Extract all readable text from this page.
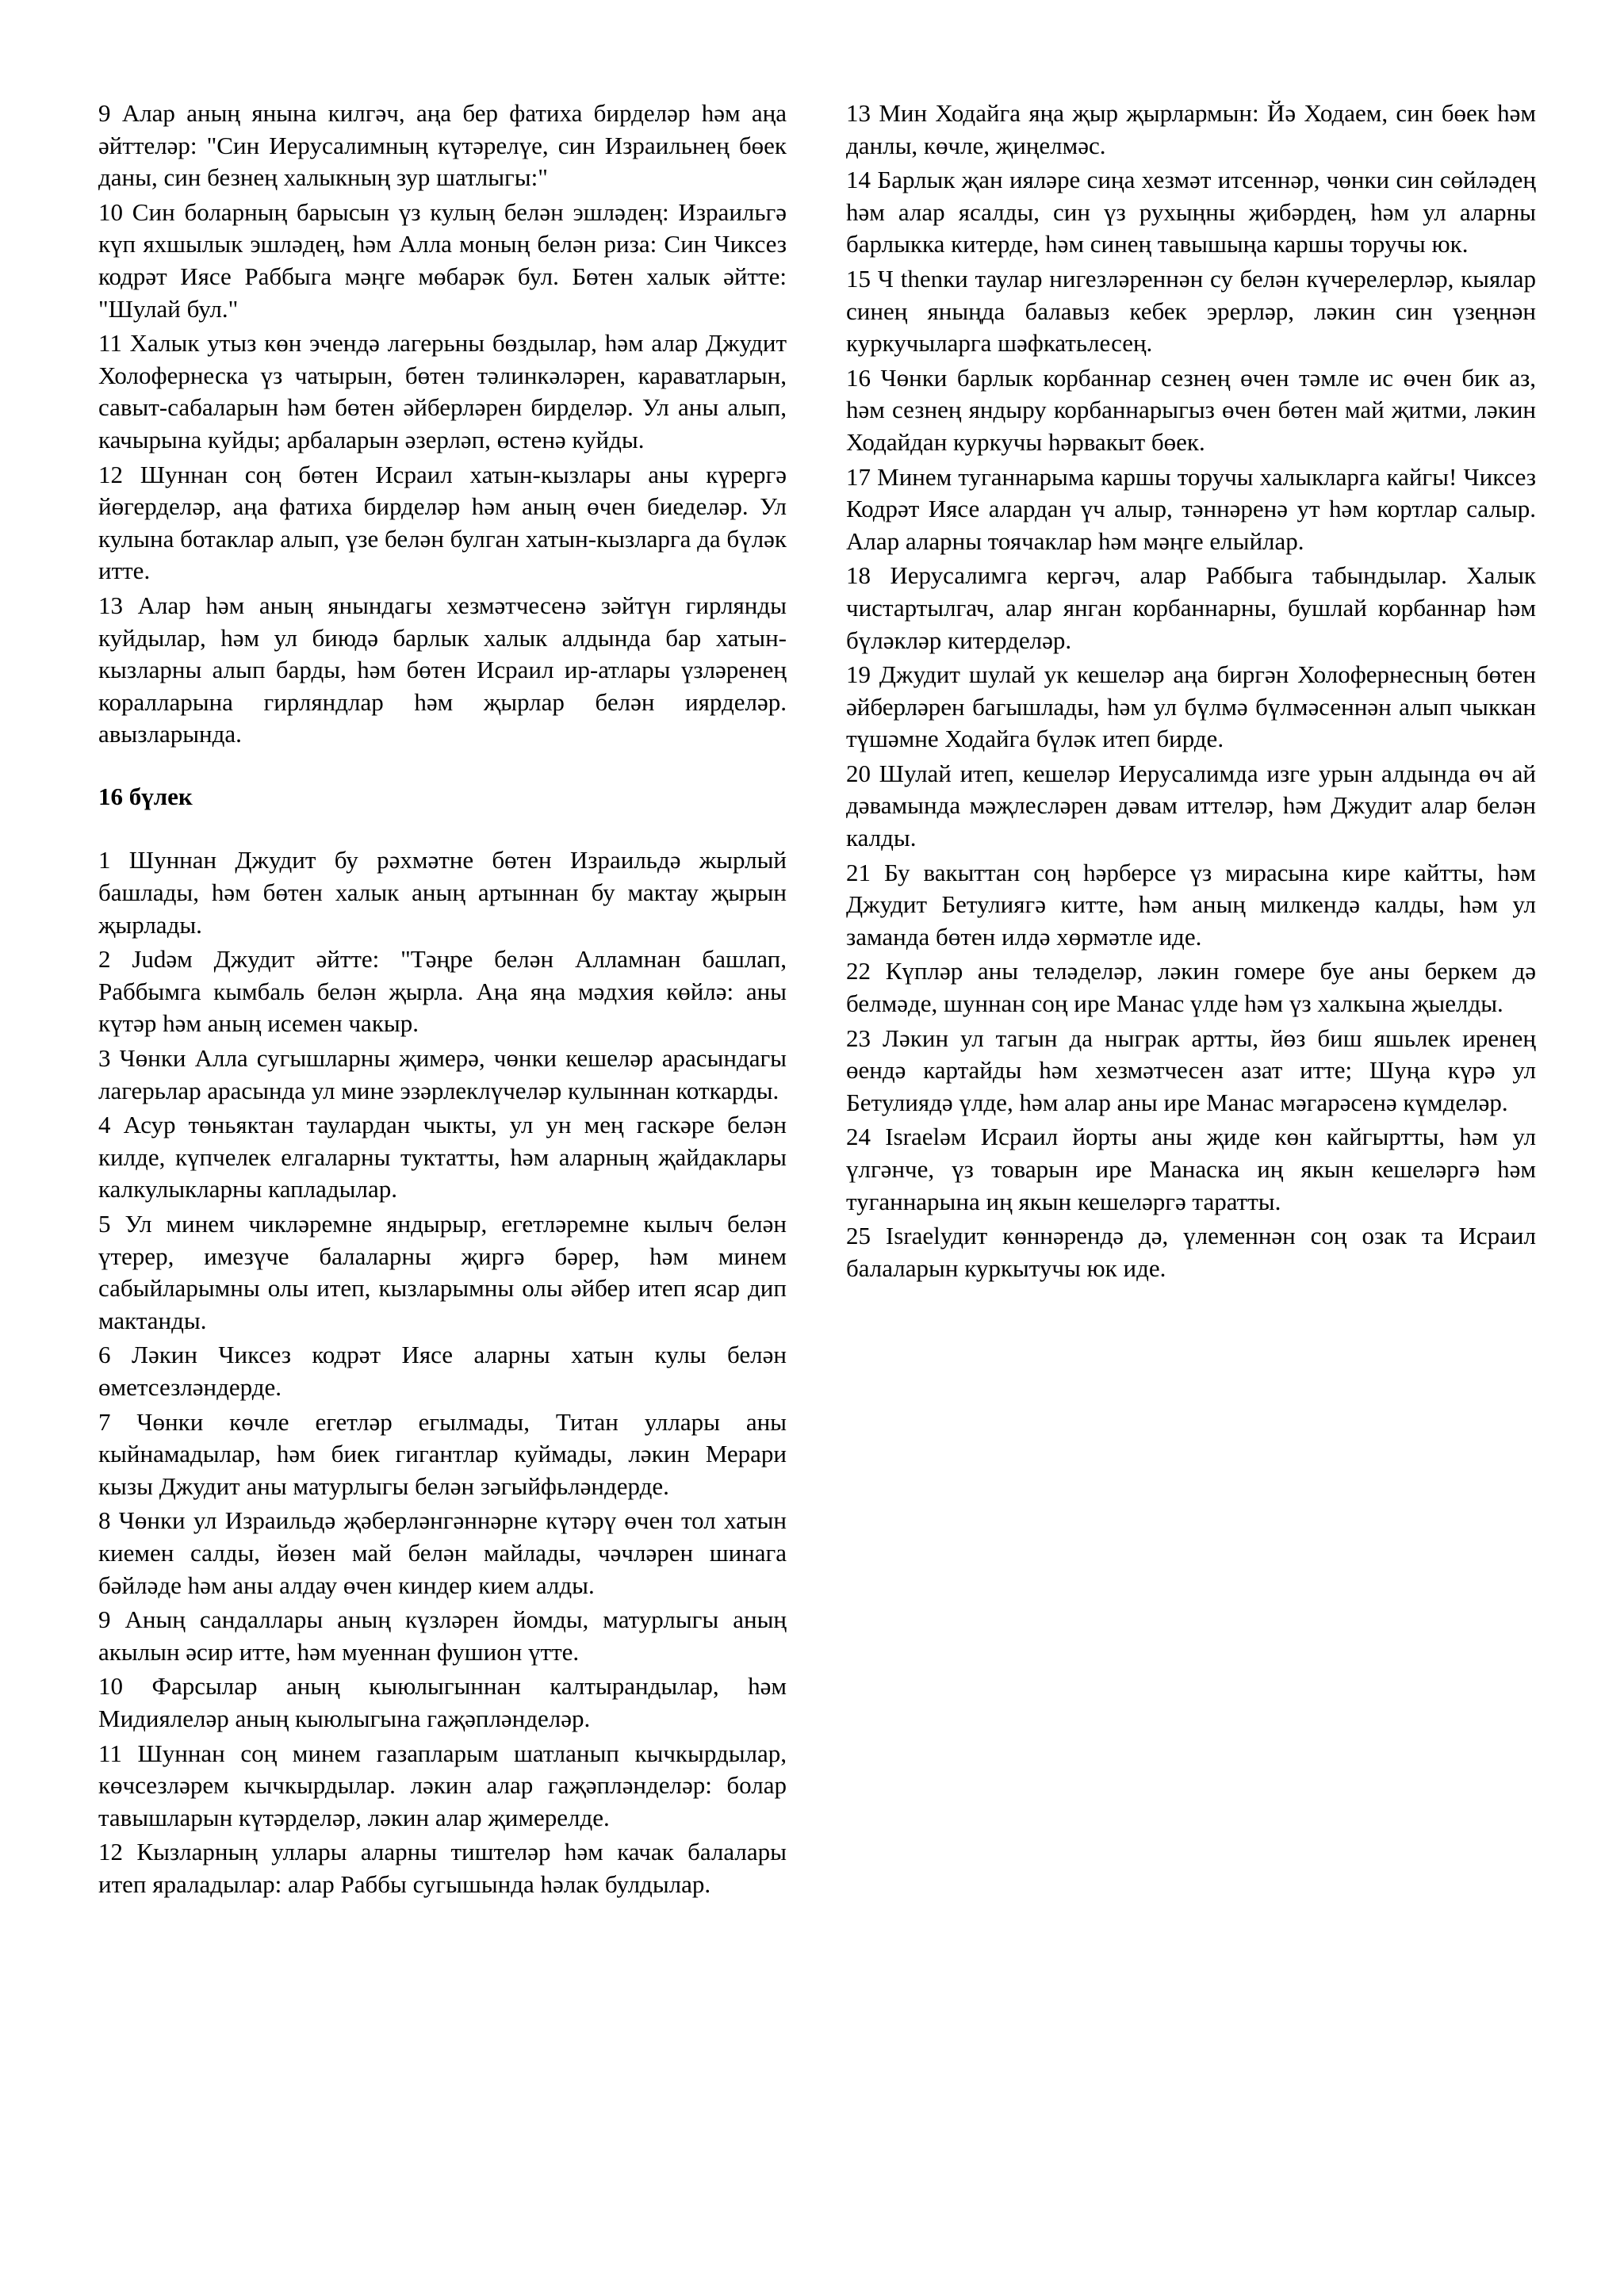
9 Алар аның янына килгәч, аңа бер фатиха бирделәр һәм аңа әйттеләр: "Син Иерусалимның күтәрелүе, син Израильнең бөек даны, син безнең халыкның зур шатлыгы:"

10 Син боларның барысын үз кулың белән эшләдең: Израильгә күп яхшылык эшләдең, һәм Алла моның белән риза: Син Чиксез кодрәт Иясе Раббыга мәңге мөбарәк бул. Бөтен халык әйтте: "Шулай бул."

11 Халык утыз көн эчендә лагерьны бөздылар, һәм алар Джудит Холофернеска үз чатырын, бөтен тәлинкәләрен, караватларын, савыт-сабаларын һәм бөтен әйберләрен бирделәр. Ул аны алып, качырына куйды; арбаларын әзерләп, өстенә куйды.

12 Шуннан соң бөтен Исраил хатын-кызлары аны күрергә йөгерделәр, аңа фатиха бирделәр һәм аның өчен биеделәр. Ул кулына ботаклар алып, үзе белән булган хатын-кызларга да бүләк итте.

13 Алар һәм аның янындагы хезмәтчесенә зәйтүн гирлянды куйдылар, һәм ул биюдә барлык халык алдында бар хатын-кызларны алып барды, һәм бөтен Исраил ир-атлары үзләренең коралларына гирляндлар һәм җырлар белән иярделәр. авызларында.

16 бүлек

1 Шуннан Джудит бу рәхмәтне бөтен Израильдә жырлый башлады, һәм бөтен халык аның артыннан бу мактау җырын җырлады.

2 Judәм Джудит әйтте: "Тәңре белән Алламнан башлап, Раббымга кымбаль белән җырла. Аңа яңа мәдхия көйлә: аны күтәр һәм аның исемен чакыр.

3 Чөнки Алла сугышларны җимерә, чөнки кешеләр арасындагы лагерьлар арасында ул мине эзәрлеклүчеләр кулыннан коткарды.

4 Асур төньяктан таулардан чыкты, ул ун мең гаскәре белән килде, күпчелек елгаларны туктатты, һәм аларның җайдаклары калкулыкларны капладылар.

5 Ул минем чикләремне яндырыр, егетләремне кылыч белән үтерер, имезүче балаларны җиргә бәрер, һәм минем сабыйларымны олы итеп, кызларымны олы әйбер итеп ясар дип мактанды.

6 Ләкин Чиксез кодрәт Иясе аларны хатын кулы белән өметсезләндерде.

7 Чөнки көчле егетләр егылмады, Титан уллары аны кыйнамадылар, һәм биек гигантлар куймады, ләкин Мерари кызы Джудит аны матурлыгы белән зәгыйфьләндерде.

8 Чөнки ул Израильдә җәберләнгәннәрне күтәрү өчен тол хатын киемен салды, йөзен май белән майлады, чәчләрен шинага бәйләде һәм аны алдау өчен киндер кием алды.

9 Аның сандаллары аның күзләрен йомды, матурлыгы аның акылын әсир итте, һәм муеннан фушион үтте.

10 Фарсылар аның кыюлыгыннан калтырандылар, һәм Мидиялеләр аның кыюлыгына гаҗәпләнделәр.

11 Шуннан соң минем газапларым шатланып кычкырдылар, көчсезләрем кычкырдылар. ләкин алар гаҗәпләнделәр: болар тавышларын күтәрделәр, ләкин алар җимерелде.

12 Кызларның уллары аларны тиштеләр һәм качак балалары итеп яраладылар: алар Раббы сугышында һәлак булдылар.

13 Мин Ходайга яңа җыр җырлармын: Йә Ходаем, син бөек һәм данлы, көчле, җиңелмәс.

14 Барлык җан ияләре сиңа хезмәт итсеннәр, чөнки син сөйләдең һәм алар ясалды, син үз рухыңны җибәрдең, һәм ул аларны барлыкка китерде, һәм синең тавышыңа каршы торучы юк.

15 Ч thenки таулар нигезләреннән су белән күчерелерләр, кыялар синең яныңда балавыз кебек эрерләр, ләкин син үзеңнән куркучыларга шәфкатьлесең.

16 Чөнки барлык корбаннар сезнең өчен тәмле ис өчен бик аз, һәм сезнең яндыру корбаннарыгыз өчен бөтен май җитми, ләкин Ходайдан куркучы һәрвакыт бөек.

17 Минем туганнарыма каршы торучы халыкларга кайгы! Чиксез Кодрәт Иясе алардан үч алыр, тәннәренә ут һәм кортлар салыр. Алар аларны тоячаклар һәм мәңге елыйлар.

18 Иерусалимга кергәч, алар Раббыга табындылар. Халык чистартылгач, алар янган корбаннарны, бушлай корбаннар һәм бүләкләр китерделәр.

19 Джудит шулай ук кешеләр аңа биргән Холофернесның бөтен әйберләрен багышлады, һәм ул бүлмә бүлмәсеннән алып чыккан түшәмне Ходайга бүләк итеп бирде.

20 Шулай итеп, кешеләр Иерусалимда изге урын алдында өч ай дәвамында мәҗлесләрен дәвам иттеләр, һәм Джудит алар белән калды.

21 Бу вакыттан соң һәрберсе үз мирасына кире кайтты, һәм Джудит Бетулиягә китте, һәм аның милкендә калды, һәм ул заманда бөтен илдә хөрмәтле иде.

22 Күпләр аны теләделәр, ләкин гомере буе аны беркем дә белмәде, шуннан соң ире Манас үлде һәм үз халкына җыелды.

23 Ләкин ул тагын да ныграк артты, йөз биш яшьлек иренең өендә картайды һәм хезмәтчесен азат итте; Шуңа күрә ул Бетулиядә үлде, һәм алар аны ире Манас мәгарәсенә күмделәр.

24 Israelәм Исраил йорты аны җиде көн кайгыртты, һәм ул үлгәнче, үз товарын ире Манаска иң якын кешеләргә һәм туганнарына иң якын кешеләргә таратты.

25 Israelудит көннәрендә дә, үлеменнән соң озак та Исраил балаларын куркытучы юк иде.
